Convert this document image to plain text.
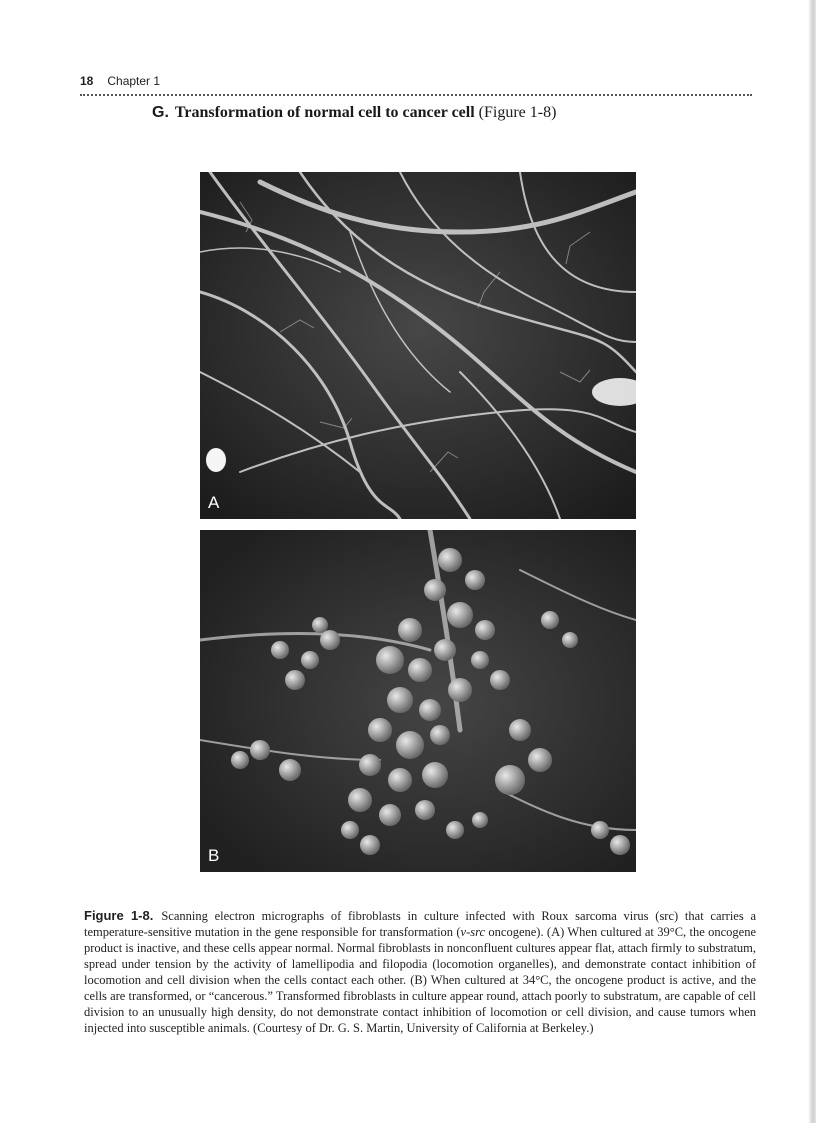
18 Chapter 1
G. Transformation of normal cell to cancer cell (Figure 1-8)
A
B
Figure 1-8. Scanning electron micrographs of fibroblasts in culture infected with Roux sarcoma virus (src) that carries a temperature-sensitive mutation in the gene responsible for transformation (v-src oncogene). (A) When cultured at 39°C, the oncogene product is inactive, and these cells appear normal. Normal fibroblasts in nonconfluent cultures appear flat, attach firmly to substratum, spread under tension by the activity of lamellipodia and filopodia (locomotion organelles), and demonstrate contact inhibition of locomotion and cell division when the cells contact each other. (B) When cultured at 34°C, the oncogene product is active, and the cells are transformed, or “cancerous.” Transformed fibroblasts in culture appear round, attach poorly to substratum, are capable of cell division to an unusually high density, do not demonstrate contact inhibition of locomotion or cell division, and cause tumors when injected into susceptible animals. (Courtesy of Dr. G. S. Martin, University of California at Berkeley.)
